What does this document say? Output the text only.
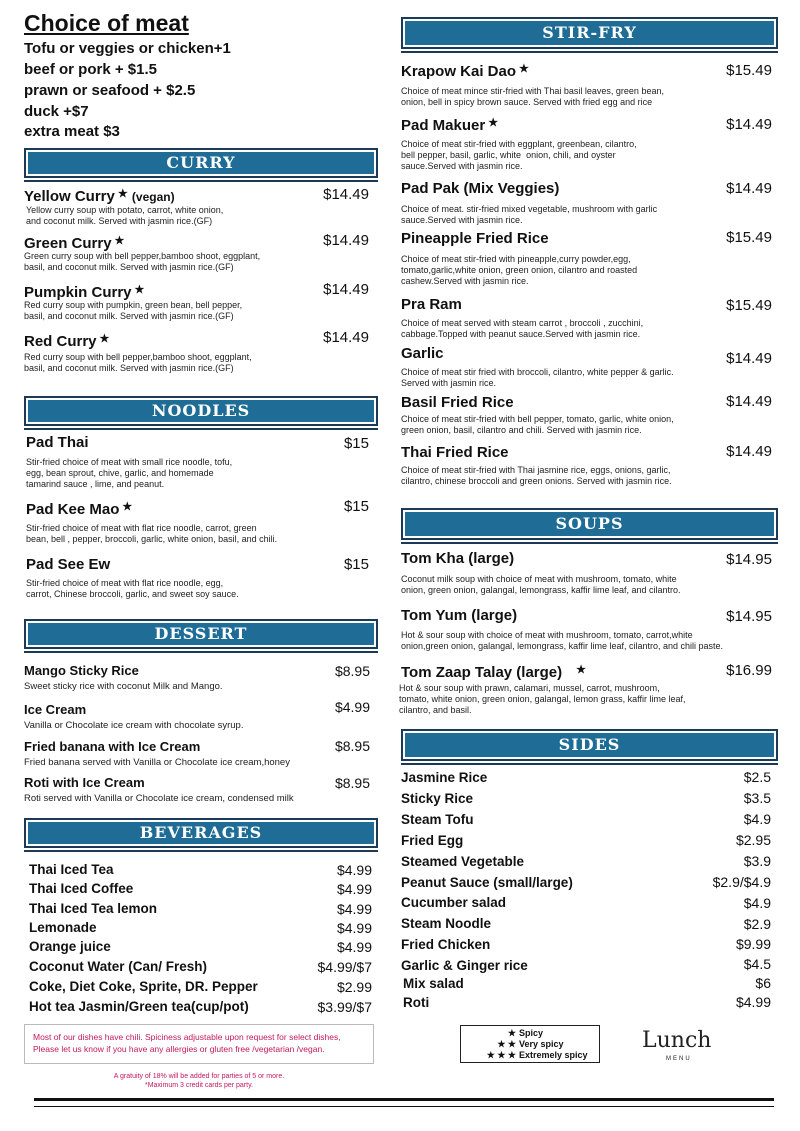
Choice of meat
Tofu or veggies or chicken+1
beef or pork + $1.5
prawn or seafood + $2.5
duck +$7
extra meat $3
CURRY
Yellow Curry ★ (vegan)	$14.49
Yellow curry soup with potato, carrot, white onion,
and coconut milk. Served with jasmin rice.(GF)
Green Curry ★	$14.49
Green curry soup with bell pepper,bamboo shoot, eggplant,
basil, and coconut milk. Served with jasmin rice.(GF)
Pumpkin Curry ★	$14.49
Red curry soup with pumpkin, green bean, bell pepper,
basil, and coconut milk. Served with jasmin rice.(GF)
Red Curry ★	$14.49
Red curry soup with bell pepper,bamboo shoot, eggplant,
basil, and coconut milk. Served with jasmin rice.(GF)
NOODLES
Pad Thai	$15
Stir-fried choice of meat with small rice noodle, tofu,
egg, bean sprout, chive, garlic, and homemade
tamarind sauce , lime, and peanut.
Pad Kee Mao ★	$15
Stir-fried choice of meat with flat rice noodle, carrot, green
bean, bell , pepper, broccoli, garlic, white onion, basil, and chili.
Pad See Ew	$15
Stir-fried choice of meat with flat rice noodle, egg,
carrot, Chinese broccoli, garlic, and sweet soy sauce.
DESSERT
Mango Sticky Rice	$8.95
Sweet sticky rice with coconut Milk and Mango.
Ice Cream	$4.99
Vanilla or Chocolate ice cream with chocolate syrup.
Fried banana with Ice Cream	$8.95
Fried banana served with Vanilla or Chocolate ice cream,honey
Roti with Ice Cream	$8.95
Roti served with Vanilla or Chocolate ice cream, condensed milk
BEVERAGES
Thai Iced Tea	$4.99
Thai Iced Coffee	$4.99
Thai Iced Tea lemon	$4.99
Lemonade	$4.99
Orange juice	$4.99
Coconut Water (Can/ Fresh)	$4.99/$7
Coke, Diet Coke, Sprite, DR. Pepper	$2.99
Hot tea Jasmin/Green tea(cup/pot)	$3.99/$7
STIR-FRY
Krapow Kai Dao ★	$15.49
Choice of meat mince stir-fried with Thai basil leaves, green bean,
onion, bell in spicy brown sauce. Served with fried egg and rice
Pad Makuer ★	$14.49
Choice of meat stir-fried with eggplant, greenbean, cilantro,
bell pepper, basil, garlic, white  onion, chili, and oyster
sauce.Served with jasmin rice.
Pad Pak (Mix Veggies)	$14.49
Choice of meat. stir-fried mixed vegetable, mushroom with garlic
sauce.Served with jasmin rice.
Pineapple Fried Rice	$15.49
Choice of meat stir-fried with pineapple,curry powder,egg,
tomato,garlic,white onion, green onion, cilantro and roasted
cashew.Served with jasmin rice.
Pra Ram	$15.49
Choice of meat served with steam carrot , broccoli , zucchini,
cabbage.Topped with peanut sauce.Served with jasmin rice.
Garlic	$14.49
Choice of meat stir fried with broccoli, cilantro, white pepper & garlic.
Served with jasmin rice.
Basil Fried Rice	$14.49
Choice of meat stir-fried with bell pepper, tomato, garlic, white onion,
green onion, basil, cilantro and chili. Served with jasmin rice.
Thai Fried Rice	$14.49
Choice of meat stir-fried with Thai jasmine rice, eggs, onions, garlic,
cilantro, chinese broccoli and green onions. Served with jasmin rice.
SOUPS
Tom Kha (large)	$14.95
Coconut milk soup with choice of meat with mushroom, tomato, white
onion, green onion, galangal, lemongrass, kaffir lime leaf, and cilantro.
Tom Yum (large)	$14.95
Hot & sour soup with choice of meat with mushroom, tomato, carrot,white
onion,green onion, galangal, lemongrass, kaffir lime leaf, cilantro, and chili paste.
Tom Zaap Talay (large) ★	$16.99
Hot & sour soup with prawn, calamari, mussel, carrot, mushroom,
tomato, white onion, green onion, galangal, lemon grass, kaffir lime leaf,
cilantro, and basil.
SIDES
Jasmine Rice	$2.5
Sticky Rice	$3.5
Steam Tofu	$4.9
Fried Egg	$2.95
Steamed Vegetable	$3.9
Peanut Sauce (small/large)	$2.9/$4.9
Cucumber salad	$4.9
Steam Noodle	$2.9
Fried Chicken	$9.99
Garlic & Ginger rice	$4.5
Mix salad	$6
Roti	$4.99
Most of our dishes have chili. Spiciness adjustable upon request for select dishes,
Please let us know if you have any allergies or gluten free /vegetarian /vegan.
A gratuity of 18% will be added for parties of 5 or more.
*Maximum 3 credit cards per party.
★ Spicy
★ ★ Very spicy
★ ★ ★ Extremely spicy
Lunch
MENU
